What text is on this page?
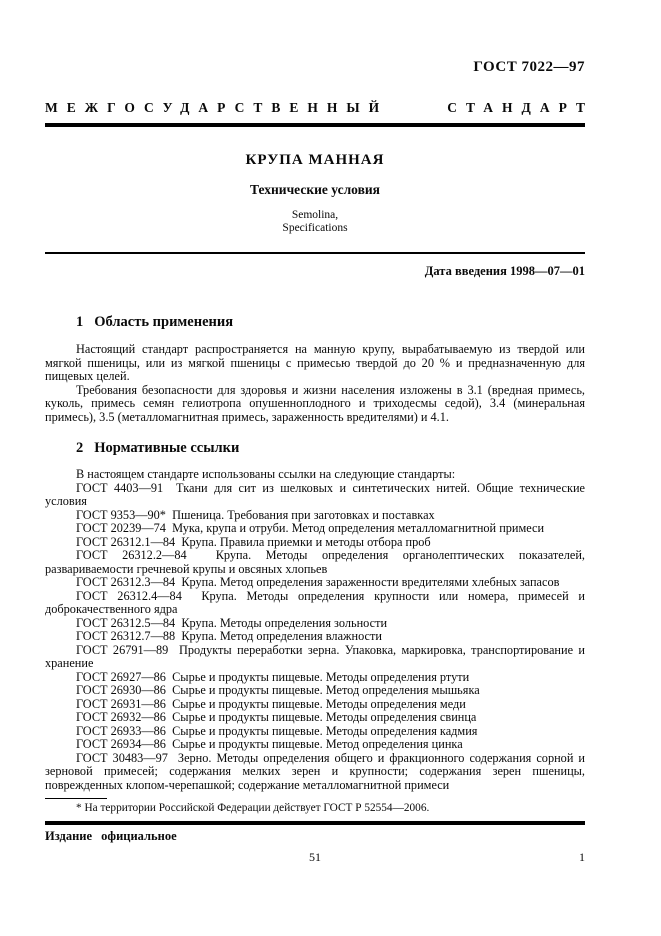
ГОСТ 7022—97
МЕЖГОСУДАРСТВЕННЫЙ	СТАНДАРТ
КРУПА МАННАЯ
Технические условия
Semolina,
Specifications
Дата введения 1998—07—01
1 Область применения

Настоящий стандарт распространяется на манную крупу, вырабатываемую из твердой или мягкой пшеницы, или из мягкой пшеницы с примесью твердой до 20 % и предназначенную для пищевых целей.

Требования безопасности для здоровья и жизни населения изложены в 3.1 (вредная примесь, куколь, примесь семян гелиотропа опушенноплодного и триходесмы седой), 3.4 (минеральная примесь), 3.5 (металломагнитная примесь, зараженность вредителями) и 4.1.

2 Нормативные ссылки

В настоящем стандарте использованы ссылки на следующие стандарты:

ГОСТ 4403—91  Ткани для сит из шелковых и синтетических нитей. Общие технические условия

ГОСТ 9353—90*  Пшеница. Требования при заготовках и поставках

ГОСТ 20239—74  Мука, крупа и отруби. Метод определения металломагнитной примеси

ГОСТ 26312.1—84  Крупа. Правила приемки и методы отбора проб

ГОСТ 26312.2—84  Крупа. Методы определения органолептических показателей, развариваемости гречневой крупы и овсяных хлопьев

ГОСТ 26312.3—84  Крупа. Метод определения зараженности вредителями хлебных запасов

ГОСТ 26312.4—84  Крупа. Методы определения крупности или номера, примесей и доброкачественного ядра

ГОСТ 26312.5—84  Крупа. Методы определения зольности

ГОСТ 26312.7—88  Крупа. Метод определения влажности

ГОСТ 26791—89  Продукты переработки зерна. Упаковка, маркировка, транспортирование и хранение

ГОСТ 26927—86  Сырье и продукты пищевые. Методы определения ртути

ГОСТ 26930—86  Сырье и продукты пищевые. Метод определения мышьяка

ГОСТ 26931—86  Сырье и продукты пищевые. Методы определения меди

ГОСТ 26932—86  Сырье и продукты пищевые. Методы определения свинца

ГОСТ 26933—86  Сырье и продукты пищевые. Методы определения кадмия

ГОСТ 26934—86  Сырье и продукты пищевые. Метод определения цинка

ГОСТ 30483—97  Зерно. Методы определения общего и фракционного содержания сорной и зерновой примесей; содержания мелких зерен и крупности; содержания зерен пшеницы, поврежденных клопом-черепашкой; содержание металломагнитной примеси

* На территории Российской Федерации действует ГОСТ Р 52554—2006.
Издание официальное
51	1
